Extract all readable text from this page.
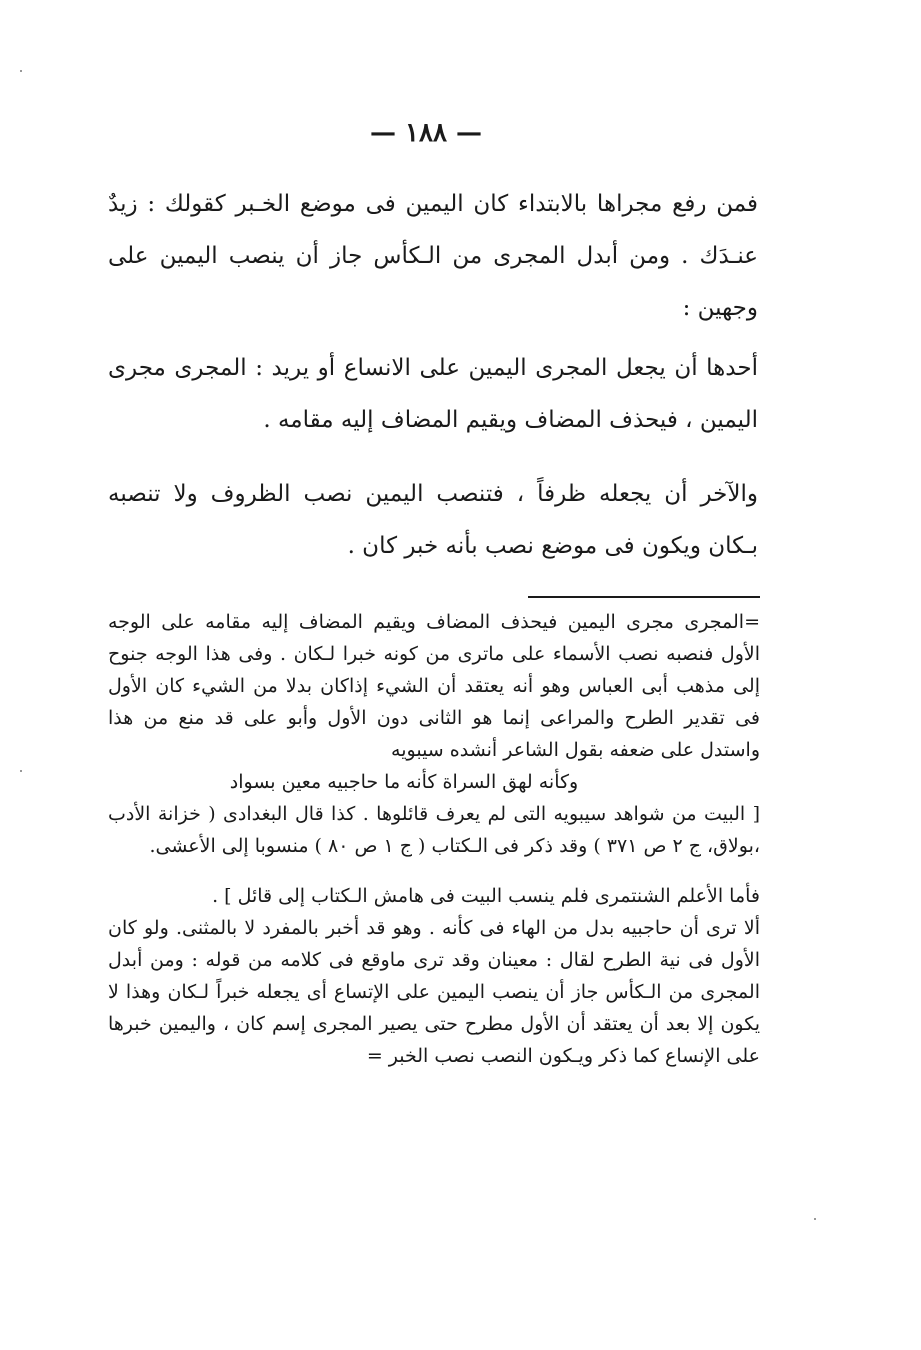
— ١٨٨ —

فمن رفع مجراها بالابتداء كان اليمين فى موضع الخـبر كقولك : زيدٌ عنـدَك . ومن أبدل المجرى من الـكأس جاز أن ينصب اليمين على وجهين :

أحدها أن يجعل المجرى اليمين على الانساع أو يريد : المجرى مجرى اليمين ، فيحذف المضاف ويقيم المضاف إليه مقامه .

والآخر أن يجعله ظرفاً ، فتنصب اليمين نصب الظروف ولا تنصبه بـكان ويكون فى موضع نصب بأنه خبر كان .

=المجرى مجرى اليمين فيحذف المضاف ويقيم المضاف إليه مقامه على الوجه الأول فنصبه نصب الأسماء على ماترى من كونه خبرا لـكان . وفى هذا الوجه جنوح إلى مذهب أبى العباس وهو أنه يعتقد أن الشيء إذاكان بدلا من الشيء كان الأول فى تقدير الطرح والمراعى إنما هو الثانى دون الأول وأبو على قد منع من هذا واستدل على ضعفه بقول الشاعر أنشده سيبويه

وكأنه لهق السراة كأنه ما حاجبيه معين بسواد

[ البيت من شواهد سيبويه التى لم يعرف قائلوها . كذا قال البغدادى ( خزانة الأدب ،بولاق، ج ٢ ص ٣٧١ ) وقد ذكر فى الـكتاب ( ج ١ ص ٨٠ ) منسوبا إلى الأعشى.

فأما الأعلم الشنتمرى فلم ينسب البيت فى هامش الـكتاب إلى قائل ] .

ألا ترى أن حاجبيه بدل من الهاء فى كأنه . وهو قد أخبر بالمفرد لا بالمثنى. ولو كان الأول فى نية الطرح لقال : معينان وقد ترى ماوقع فى كلامه من قوله : ومن أبدل المجرى من الـكأس جاز أن ينصب اليمين على الإتساع أى يجعله خبراً لـكان وهذا لا يكون إلا بعد أن يعتقد أن الأول مطرح حتى يصير المجرى إسم كان ، واليمين خبرها على الإنساع كما ذكر ويـكون النصب نصب الخبر =
